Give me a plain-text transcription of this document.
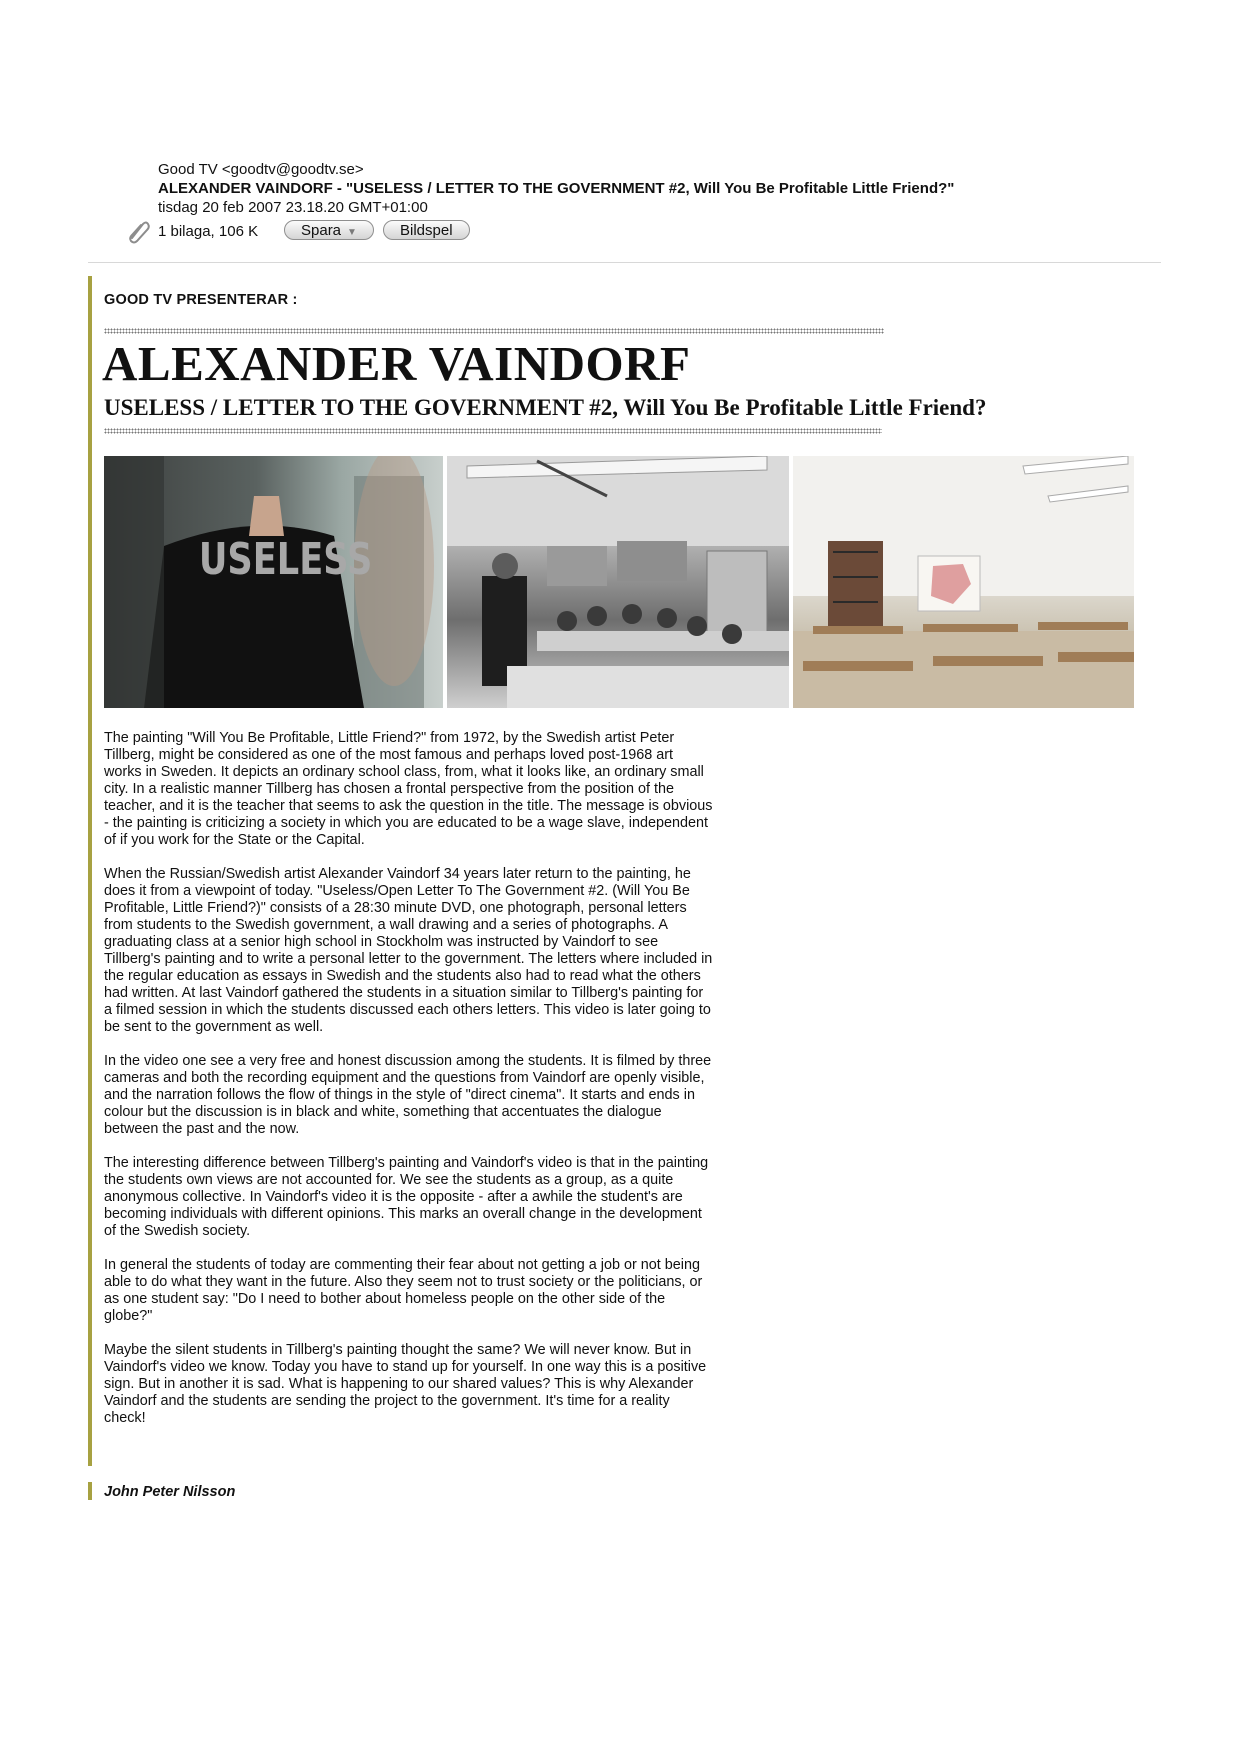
Good TV <goodtv@goodtv.se>
ALEXANDER VAINDORF - "USELESS / LETTER TO THE GOVERNMENT #2, Will You Be Profitable Little Friend?"
tisdag 20 feb 2007 23.18.20 GMT+01:00
1 bilaga, 106 K	Spara ▼	Bildspel
GOOD TV PRESENTERAR :
ALEXANDER VAINDORF
USELESS / LETTER TO THE GOVERNMENT #2, Will You Be Profitable Little Friend?
USELESS

The painting "Will You Be Profitable, Little Friend?" from 1972, by the Swedish artist Peter Tillberg, might be considered as one of the most famous and perhaps loved post-1968 art works in Sweden. It depicts an ordinary school class, from, what it looks like, an ordinary small city. In a realistic manner Tillberg has chosen a frontal perspective from the position of the teacher, and it is the teacher that seems to ask the question in the title. The message is obvious - the painting is criticizing a society in which you are educated to be a wage slave, independent of if you work for the State or the Capital.

When the Russian/Swedish artist Alexander Vaindorf 34 years later return to the painting, he does it from a viewpoint of today. "Useless/Open Letter To The Government #2. (Will You Be Profitable, Little Friend?)" consists of a 28:30 minute DVD, one photograph, personal letters from students to the Swedish government, a wall drawing and a series of photographs. A graduating class at a senior high school in Stockholm was instructed by Vaindorf to see Tillberg's painting and to write a personal letter to the government. The letters where included in the regular education as essays in Swedish and the students also had to read what the others had written. At last Vaindorf gathered the students in a situation similar to Tillberg's painting for a filmed session in which the students discussed each others letters. This video is later going to be sent to the government as well.

In the video one see a very free and honest discussion among the students. It is filmed by three cameras and both the recording equipment and the questions from Vaindorf are openly visible, and the narration follows the flow of things in the style of "direct cinema". It starts and ends in colour but the discussion is in black and white, something that accentuates the dialogue between the past and the now.

The interesting difference between Tillberg's painting and Vaindorf's video is that in the painting the students own views are not accounted for. We see the students as a group, as a quite anonymous collective. In Vaindorf's video it is the opposite - after a awhile the student's are becoming individuals with different opinions. This marks an overall change in the development of the Swedish society.

In general the students of today are commenting their fear about not getting a job or not being able to do what they want in the future. Also they seem not to trust society or the politicians, or as one student say: "Do I need to bother about homeless people on the other side of the globe?"

Maybe the silent students in Tillberg's painting thought the same? We will never know. But in Vaindorf's video we know. Today you have to stand up for yourself. In one way this is a positive sign. But in another it is sad. What is happening to our shared values? This is why Alexander Vaindorf and the students are sending the project to the government. It's time for a reality check!

John Peter Nilsson
